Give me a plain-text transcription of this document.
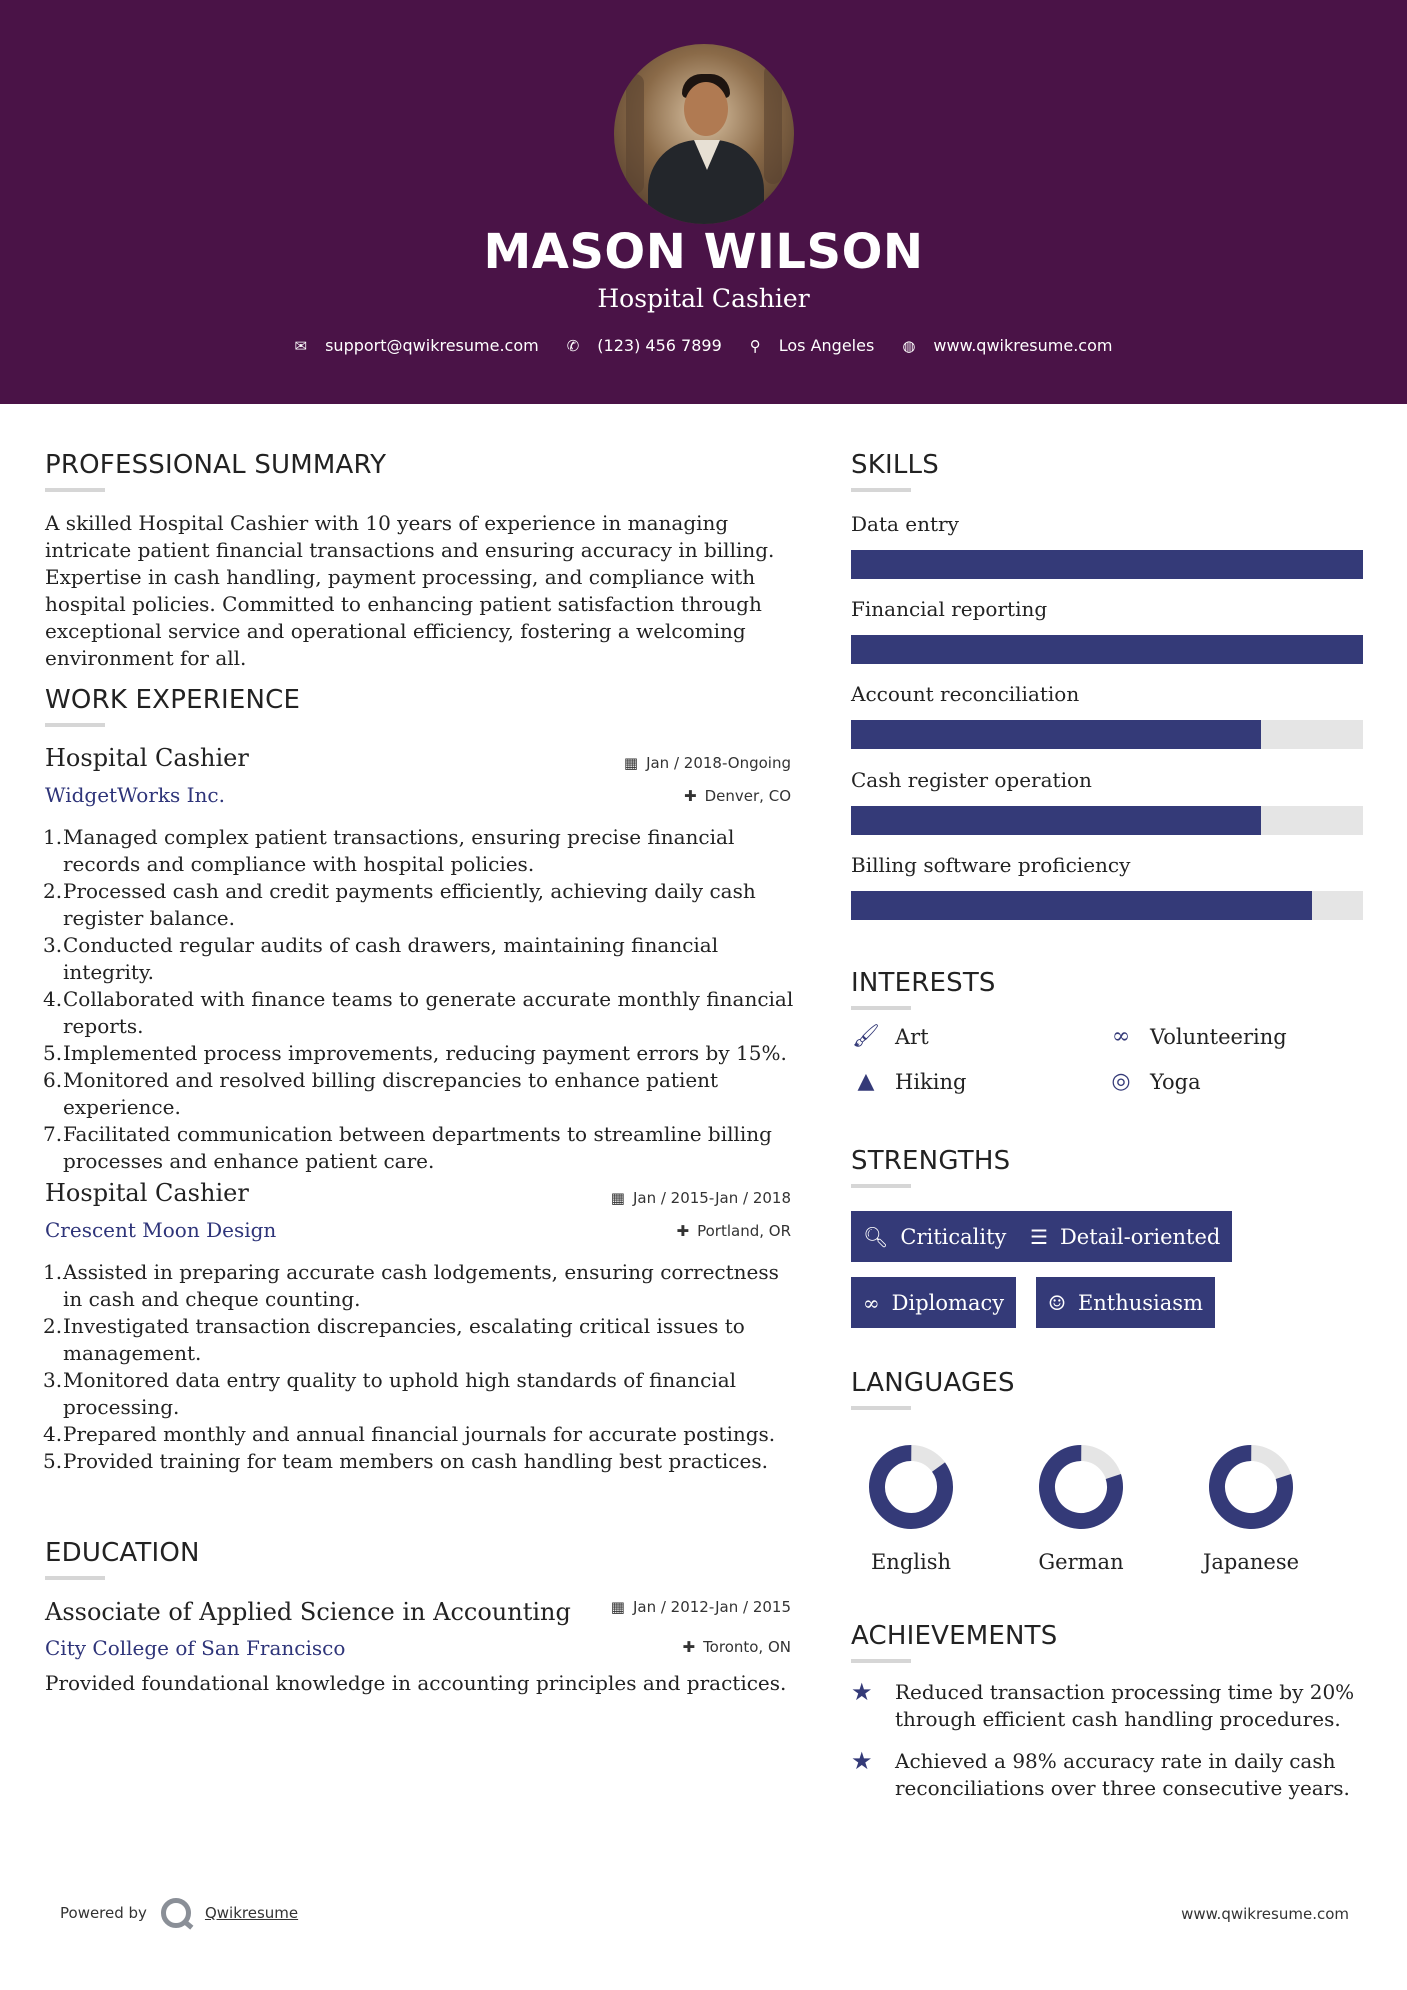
MASON WILSON
Hospital Cashier
✉ support@qwikresume.com ✆ (123) 456 7899 ⚲ Los Angeles ◍ www.qwikresume.com
PROFESSIONAL SUMMARY
A skilled Hospital Cashier with 10 years of experience in managing intricate patient financial transactions and ensuring accuracy in billing. Expertise in cash handling, payment processing, and compliance with hospital policies. Committed to enhancing patient satisfaction through exceptional service and operational efficiency, fostering a welcoming environment for all.
WORK EXPERIENCE
Hospital Cashier	▦ Jan / 2018-Ongoing
WidgetWorks Inc.	✚ Denver, CO
Managed complex patient transactions, ensuring precise financial records and compliance with hospital policies.
Processed cash and credit payments efficiently, achieving daily cash register balance.
Conducted regular audits of cash drawers, maintaining financial integrity.
Collaborated with finance teams to generate accurate monthly financial reports.
Implemented process improvements, reducing payment errors by 15%.
Monitored and resolved billing discrepancies to enhance patient experience.
Facilitated communication between departments to streamline billing processes and enhance patient care.
Hospital Cashier	▦ Jan / 2015-Jan / 2018
Crescent Moon Design	✚ Portland, OR
Assisted in preparing accurate cash lodgements, ensuring correctness in cash and cheque counting.
Investigated transaction discrepancies, escalating critical issues to management.
Monitored data entry quality to uphold high standards of financial processing.
Prepared monthly and annual financial journals for accurate postings.
Provided training for team members on cash handling best practices.
EDUCATION
Associate of Applied Science in Accounting	▦ Jan / 2012-Jan / 2015
City College of San Francisco	✚ Toronto, ON
Provided foundational knowledge in accounting principles and practices.
SKILLS
Data entry
Financial reporting
Account reconciliation
Cash register operation
Billing software proficiency
INTERESTS
🖌︎ Art	∞ Volunteering
▲ Hiking	◎ Yoga
STRENGTHS
🔍︎ Criticality ☰ Detail-oriented
∞ Diplomacy ☺ Enthusiasm
LANGUAGES
English	German	Japanese
ACHIEVEMENTS
★	Reduced transaction processing time by 20% through efficient cash handling procedures.
★	Achieved a 98% accuracy rate in daily cash reconciliations over three consecutive years.
Powered by	Qwikresume	www.qwikresume.com
